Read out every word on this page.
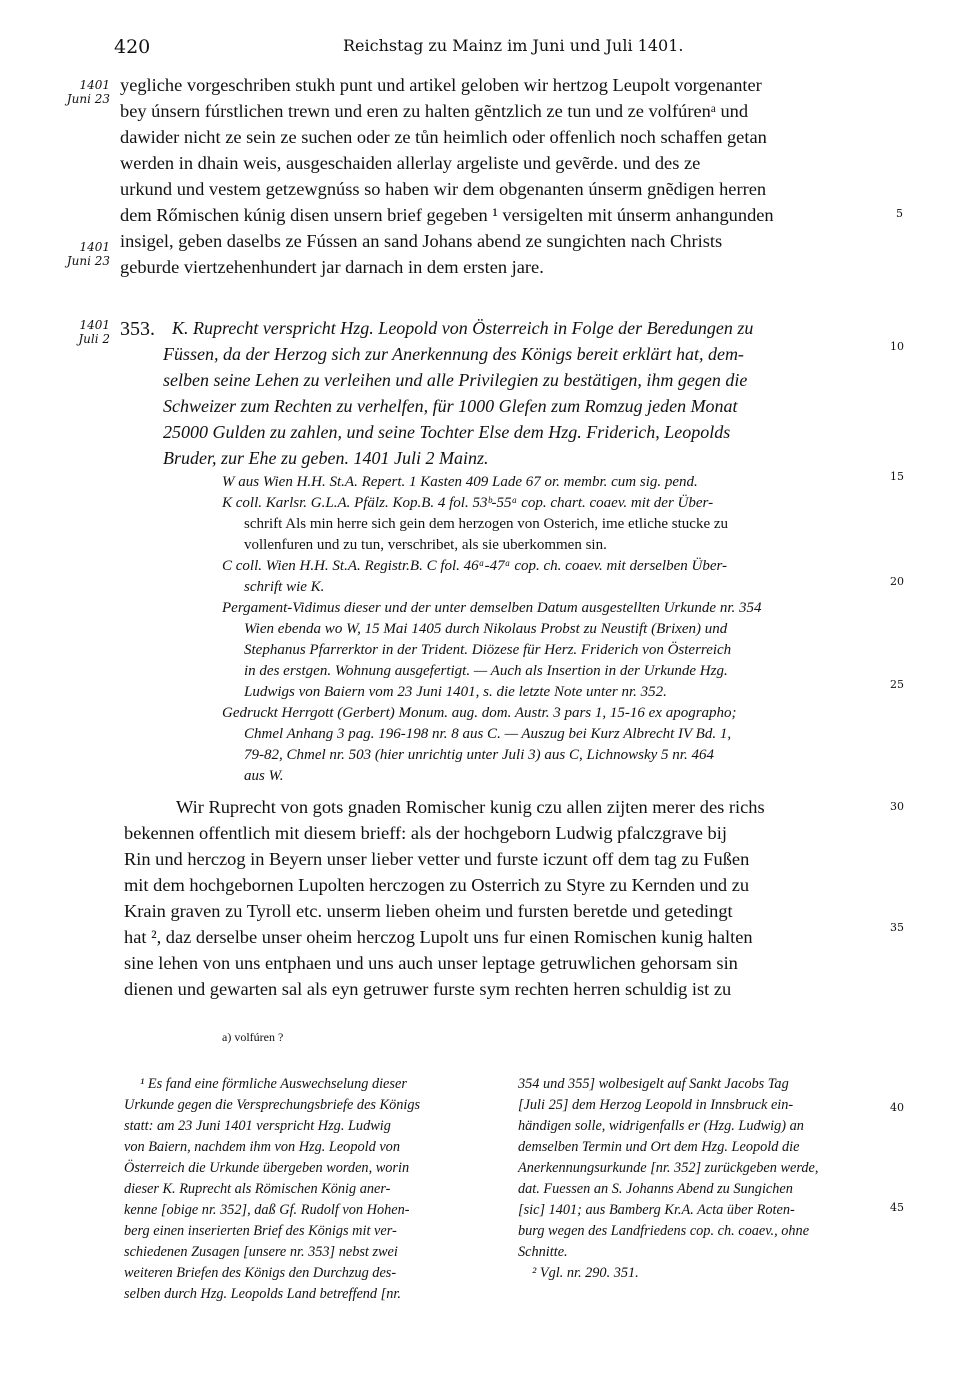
420	Reichstag zu Mainz im Juni und Juli 1401.
1401
Juni 23
1401
Juni 23
1401
Juli 2
5
10
15
20
25
30
35
40
45
yegliche vorgeschriben stukh punt und artikel geloben wir hertzog Leupolt vorgenanter
bey únsern fúrstlichen trewn und eren zu halten gẽntzlich ze tun und ze volfúrenᵃ und
dawider nicht ze sein ze suchen oder ze tůn heimlich oder offenlich noch schaffen getan
werden in dhain weis, ausgeschaiden allerlay argeliste und gevẽrde. und des ze
urkund und vestem getzewgnúss so haben wir dem obgenanten únserm gnẽdigen herren
dem Rőmischen kúnig disen unsern brief gegeben ¹ versigelten mit únserm anhangunden
insigel, geben daselbs ze Fússen an sand Johans abend ze sungichten nach Christs
geburde viertzehenhundert jar darnach in dem ersten jare.
353. K. Ruprecht verspricht Hzg. Leopold von Österreich in Folge der Beredungen zu
Füssen, da der Herzog sich zur Anerkennung des Königs bereit erklärt hat, dem-
selben seine Lehen zu verleihen und alle Privilegien zu bestätigen, ihm gegen die
Schweizer zum Rechten zu verhelfen, für 1000 Glefen zum Romzug jeden Monat
25000 Gulden zu zahlen, und seine Tochter Else dem Hzg. Friderich, Leopolds
Bruder, zur Ehe zu geben. 1401 Juli 2 Mainz.
W aus Wien H.H. St.A. Repert. 1 Kasten 409 Lade 67 or. membr. cum sig. pend.
K coll. Karlsr. G.L.A. Pfälz. Kop.B. 4 fol. 53ᵇ-55ᵃ cop. chart. coaev. mit der Über-
schrift Als min herre sich gein dem herzogen von Osterich, ime etliche stucke zu
vollenfuren und zu tun, verschribet, als sie uberkommen sin.
C coll. Wien H.H. St.A. Registr.B. C fol. 46ᵃ-47ᵃ cop. ch. coaev. mit derselben Über-
schrift wie K.
Pergament-Vidimus dieser und der unter demselben Datum ausgestellten Urkunde nr. 354
Wien ebenda wo W, 15 Mai 1405 durch Nikolaus Probst zu Neustift (Brixen) und
Stephanus Pfarrerktor in der Trident. Diözese für Herz. Friderich von Österreich
in des erstgen. Wohnung ausgefertigt. — Auch als Insertion in der Urkunde Hzg.
Ludwigs von Baiern vom 23 Juni 1401, s. die letzte Note unter nr. 352.
Gedruckt Herrgott (Gerbert) Monum. aug. dom. Austr. 3 pars 1, 15-16 ex apographo;
Chmel Anhang 3 pag. 196-198 nr. 8 aus C. — Auszug bei Kurz Albrecht IV Bd. 1,
79-82, Chmel nr. 503 (hier unrichtig unter Juli 3) aus C, Lichnowsky 5 nr. 464
aus W.
Wir Ruprecht von gots gnaden Romischer kunig czu allen zijten merer des richs
bekennen offentlich mit diesem brieff: als der hochgeborn Ludwig pfalczgrave bij
Rin und herczog in Beyern unser lieber vetter und furste iczunt off dem tag zu Fußen
mit dem hochgebornen Lupolten herczogen zu Osterrich zu Styre zu Kernden und zu
Krain graven zu Tyroll etc. unserm lieben oheim und fursten beretde und getedingt
hat ², daz derselbe unser oheim herczog Lupolt uns fur einen Romischen kunig halten
sine lehen von uns entphaen und uns auch unser leptage getruwlichen gehorsam sin
dienen und gewarten sal als eyn getruwer furste sym rechten herren schuldig ist zu
a) volfúren ?
¹ Es fand eine förmliche Auswechselung dieser
Urkunde gegen die Versprechungsbriefe des Königs
statt: am 23 Juni 1401 verspricht Hzg. Ludwig
von Baiern, nachdem ihm von Hzg. Leopold von
Österreich die Urkunde übergeben worden, worin
dieser K. Ruprecht als Römischen König aner-
kenne [obige nr. 352], daß Gf. Rudolf von Hohen-
berg einen inserierten Brief des Königs mit ver-
schiedenen Zusagen [unsere nr. 353] nebst zwei
weiteren Briefen des Königs den Durchzug des-
selben durch Hzg. Leopolds Land betreffend [nr.
354 und 355] wolbesigelt auf Sankt Jacobs Tag
[Juli 25] dem Herzog Leopold in Innsbruck ein-
händigen solle, widrigenfalls er (Hzg. Ludwig) an
demselben Termin und Ort dem Hzg. Leopold die
Anerkennungsurkunde [nr. 352] zurückgeben werde,
dat. Fuessen an S. Johanns Abend zu Sungichen
[sic] 1401; aus Bamberg Kr.A. Acta über Roten-
burg wegen des Landfriedens cop. ch. coaev., ohne
Schnitte.
² Vgl. nr. 290. 351.
